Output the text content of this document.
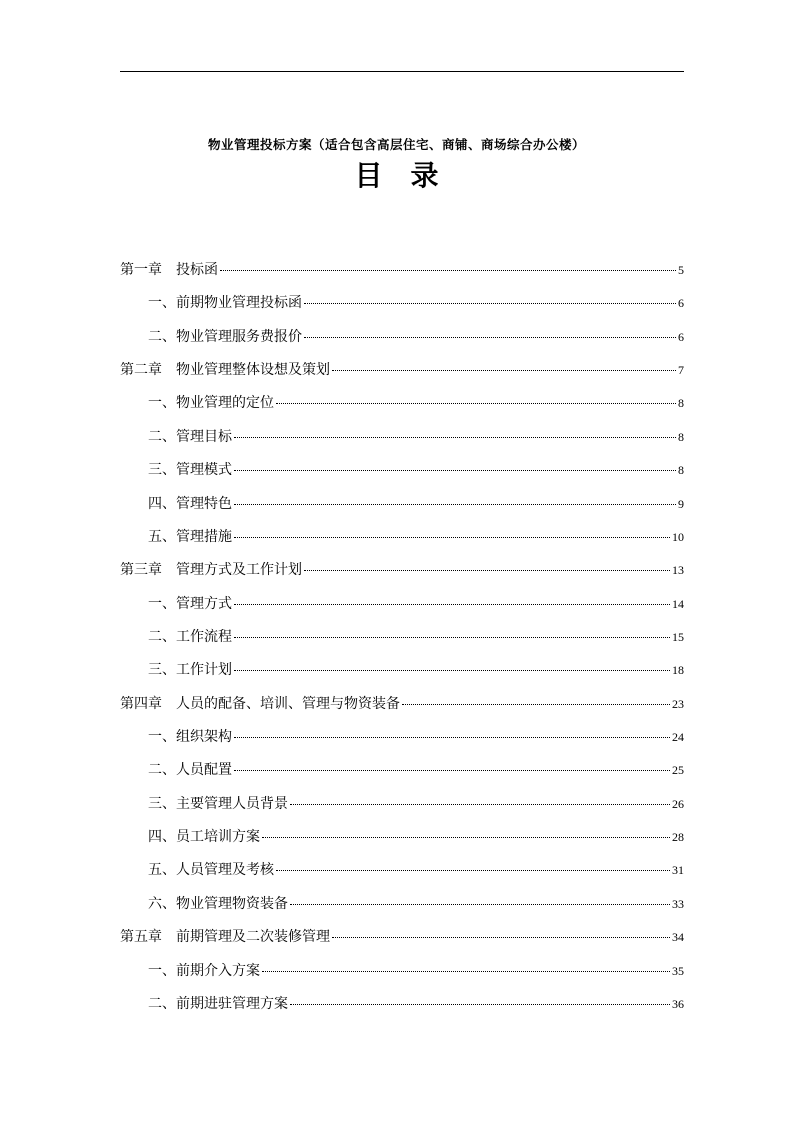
物业管理投标方案（适合包含高层住宅、商铺、商场综合办公楼）
目　录
第一章　投标函	5
一、前期物业管理投标函	6
二、物业管理服务费报价	6
第二章　物业管理整体设想及策划	7
一、物业管理的定位	8
二、管理目标	8
三、管理模式	8
四、管理特色	9
五、管理措施	10
第三章　管理方式及工作计划	13
一、管理方式	14
二、工作流程	15
三、工作计划	18
第四章　人员的配备、培训、管理与物资装备	23
一、组织架构	24
二、人员配置	25
三、主要管理人员背景	26
四、员工培训方案	28
五、人员管理及考核	31
六、物业管理物资装备	33
第五章　前期管理及二次装修管理	34
一、前期介入方案	35
二、前期进驻管理方案	36
